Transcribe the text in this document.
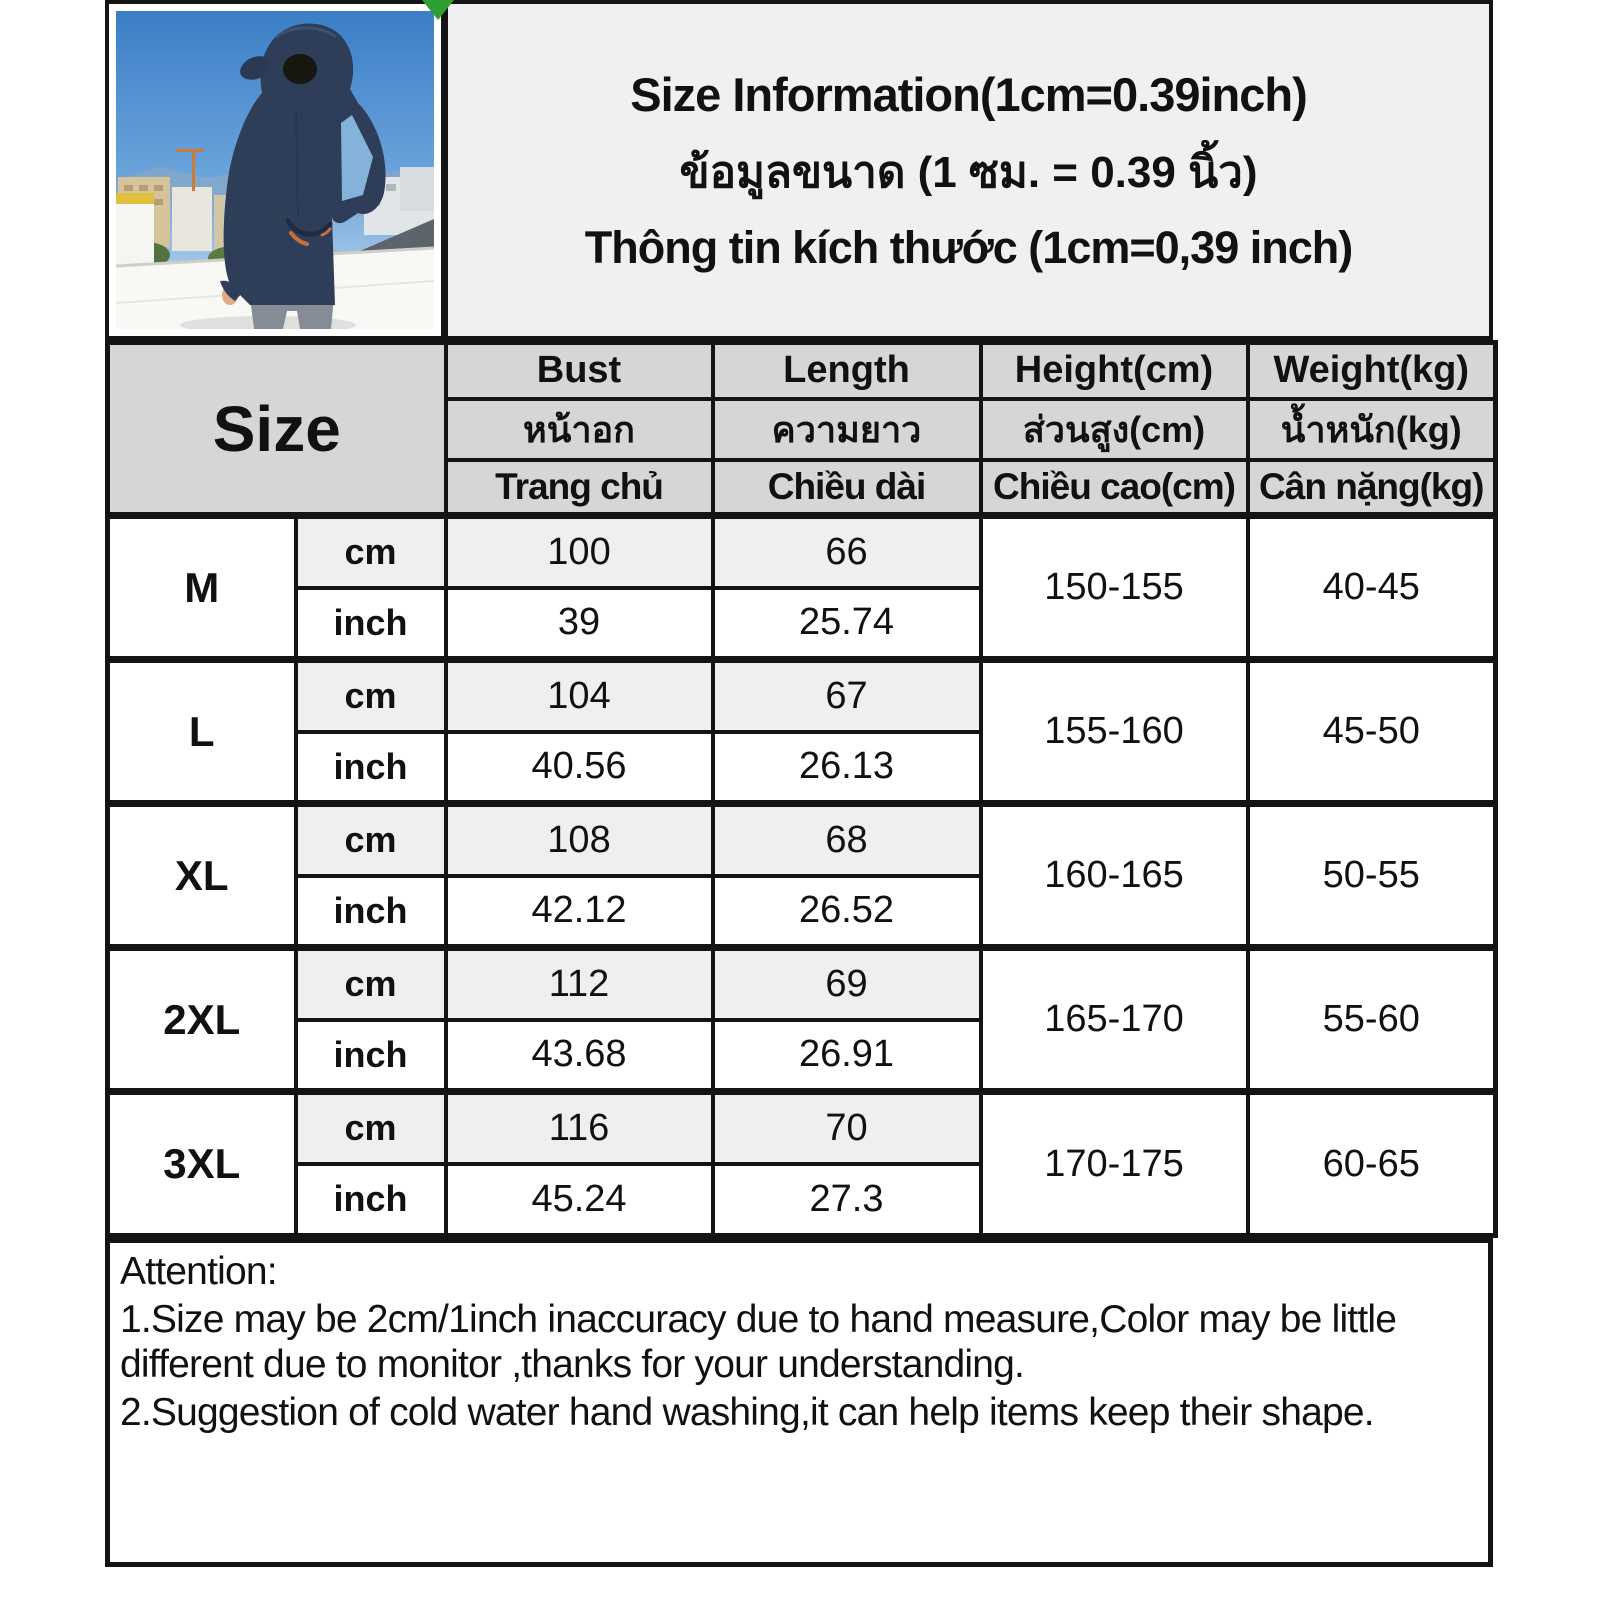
Size Information(1cm=0.39inch)
ข้อมูลขนาด (1 ซม. = 0.39 นิ้ว)
Thông tin kích thước (1cm=0,39 inch)
Size		Bust	Length	Height(cm)	Weight(kg)
		หน้าอก	ความยาว	ส่วนสูง(cm)	น้ำหนัก(kg)
		Trang chủ	Chiều dài	Chiều cao(cm)	Cân nặng(kg)
M	cm	100	66	150-155	40-45
	inch	39	25.74		
L	cm	104	67	155-160	45-50
	inch	40.56	26.13		
XL	cm	108	68	160-165	50-55
	inch	42.12	26.52		
2XL	cm	112	69	165-170	55-60
	inch	43.68	26.91		
3XL	cm	116	70	170-175	60-65
	inch	45.24	27.3		
Attention:
1.Size may be 2cm/1inch inaccuracy due to hand measure,Color may be little different due to monitor ,thanks for your understanding.
2.Suggestion of cold water hand washing,it can help items keep their shape.
